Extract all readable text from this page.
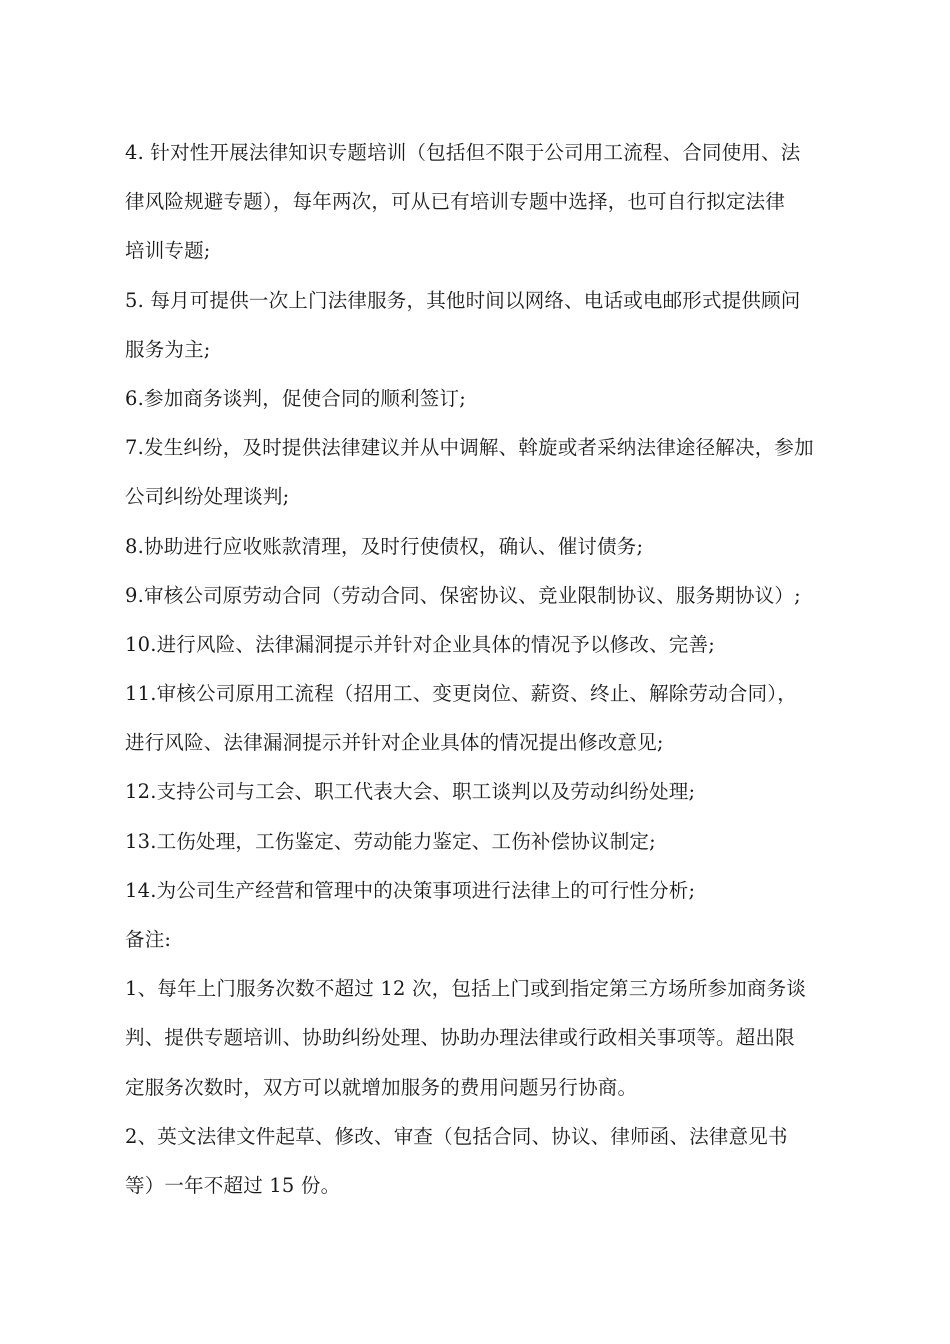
4. 针对性开展法律知识专题培训（包括但不限于公司用工流程、合同使用、法
律风险规避专题），每年两次，可从已有培训专题中选择，也可自行拟定法律
培训专题;
5. 每月可提供一次上门法律服务，其他时间以网络、电话或电邮形式提供顾问
服务为主;
6.参加商务谈判，促使合同的顺利签订;
7.发生纠纷，及时提供法律建议并从中调解、斡旋或者采纳法律途径解决，参加
公司纠纷处理谈判;
8.协助进行应收账款清理，及时行使债权，确认、催讨债务;
9.审核公司原劳动合同（劳动合同、保密协议、竞业限制协议、服务期协议）;
10.进行风险、法律漏洞提示并针对企业具体的情况予以修改、完善;
11.审核公司原用工流程（招用工、变更岗位、薪资、终止、解除劳动合同），
进行风险、法律漏洞提示并针对企业具体的情况提出修改意见;
12.支持公司与工会、职工代表大会、职工谈判以及劳动纠纷处理;
13.工伤处理，工伤鉴定、劳动能力鉴定、工伤补偿协议制定;
14.为公司生产经营和管理中的决策事项进行法律上的可行性分析;
备注:
1、每年上门服务次数不超过 12 次，包括上门或到指定第三方场所参加商务谈
判、提供专题培训、协助纠纷处理、协助办理法律或行政相关事项等。超出限
定服务次数时，双方可以就增加服务的费用问题另行协商。
2、英文法律文件起草、修改、审查（包括合同、协议、律师函、法律意见书
等）一年不超过 15 份。
